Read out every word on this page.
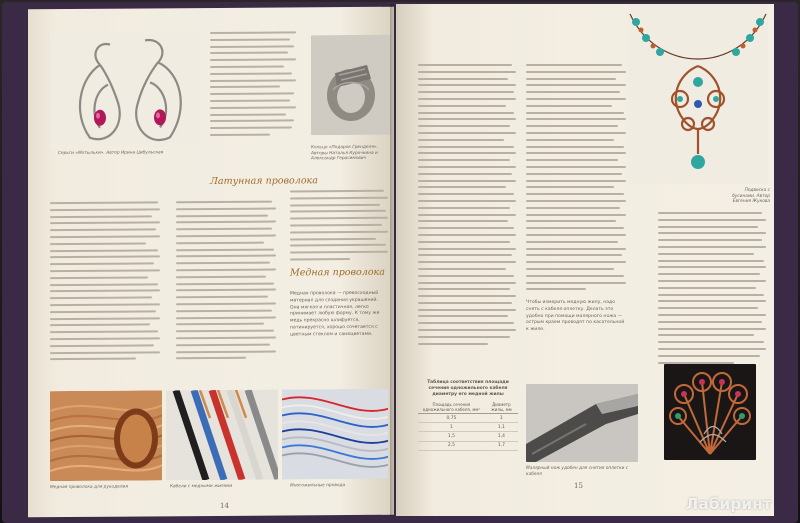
Серьги «Мотыльки». Автор Ирина Цибульская
Кольцо «Подарок Гренделя». Авторы Наталья Курочкина и Александр Герасимович
Латунная проволока
Медная проволока

Медная проволока — превосходный материал для создания украшений. Она мягкая и пластичная, легко принимает любую форму. К тому же медь прекрасно шлифуется, патинируется, хорошо сочетается с цветным стеклом и самоцветами.

Медная проволока для рукоделия	Кабели с медными жилами	Многожильные провода
14

Чтобы измерить медную жилу, надо снять с кабеля оплетку. Делать это удобно при помощи малярного ножа — острым краем проводят по касательной к жиле.

Подвеска с бусинами. Автор Евгения Жукова
Таблица соответствия площади сечения одножильного кабеля диаметру его медной жилы
Площадь сечения одножильного кабеля, мм²	Диаметр жилы, мм
0,75	1
1	1,1
1,5	1,4
2,5	1,7
Малярный нож удобен для снятия оплетки с кабеля
15
Лабиринт
